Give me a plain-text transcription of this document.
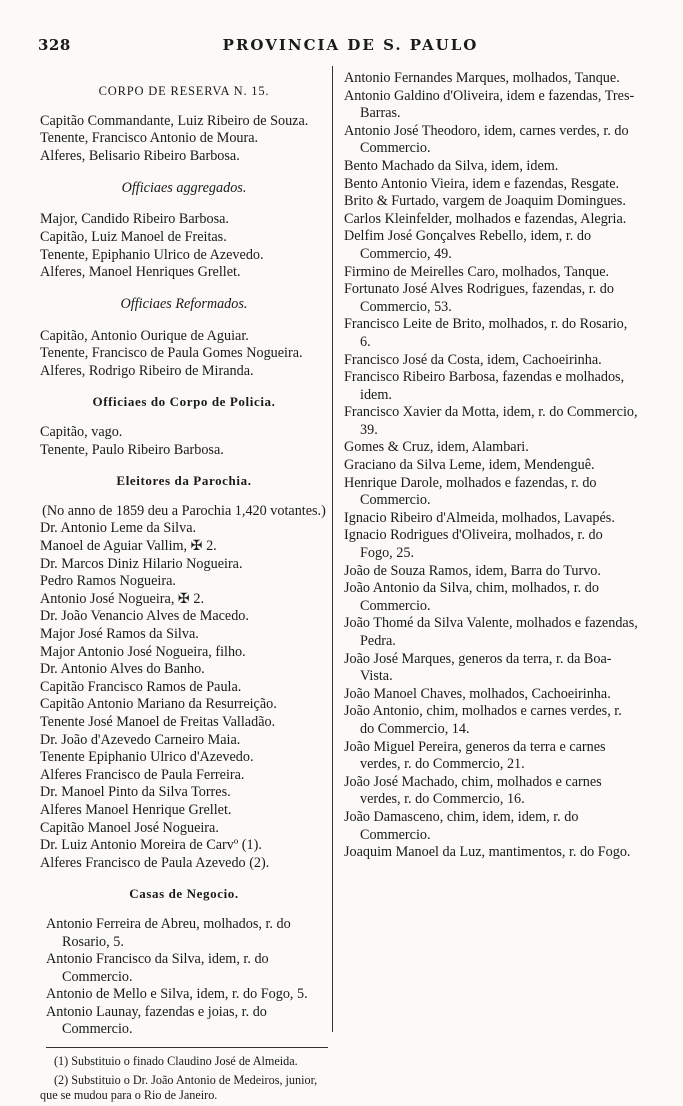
328	PROVINCIA DE S. PAULO

CORPO DE RESERVA N. 15.

Capitão Commandante, Luiz Ribeiro de Souza.

Tenente, Francisco Antonio de Moura.

Alferes, Belisario Ribeiro Barbosa.

Officiaes aggregados.

Major, Candido Ribeiro Barbosa.

Capitão, Luiz Manoel de Freitas.

Tenente, Epiphanio Ulrico de Azevedo.

Alferes, Manoel Henriques Grellet.

Officiaes Reformados.

Capitão, Antonio Ourique de Aguiar.

Tenente, Francisco de Paula Gomes Nogueira.

Alferes, Rodrigo Ribeiro de Miranda.

Officiaes do Corpo de Policia.

Capitão, vago.

Tenente, Paulo Ribeiro Barbosa.

Eleitores da Parochia.

(No anno de 1859 deu a Parochia 1,420 votantes.)

Dr. Antonio Leme da Silva.

Manoel de Aguiar Vallim, ✠ 2.

Dr. Marcos Diniz Hilario Nogueira.

Pedro Ramos Nogueira.

Antonio José Nogueira, ✠ 2.

Dr. João Venancio Alves de Macedo.

Major José Ramos da Silva.

Major Antonio José Nogueira, filho.

Dr. Antonio Alves do Banho.

Capitão Francisco Ramos de Paula.

Capitão Antonio Mariano da Resurreição.

Tenente José Manoel de Freitas Valladão.

Dr. João d'Azevedo Carneiro Maia.

Tenente Epiphanio Ulrico d'Azevedo.

Alferes Francisco de Paula Ferreira.

Dr. Manoel Pinto da Silva Torres.

Alferes Manoel Henrique Grellet.

Capitão Manoel José Nogueira.

Dr. Luiz Antonio Moreira de Carvº (1).

Alferes Francisco de Paula Azevedo (2).

Casas de Negocio.

Antonio Ferreira de Abreu, molhados, r. do Rosario, 5.

Antonio Francisco da Silva, idem, r. do Commercio.

Antonio de Mello e Silva, idem, r. do Fogo, 5.

Antonio Launay, fazendas e joias, r. do Commercio.

(1) Substituio o finado Claudino José de Almeida.

(2) Substituio o Dr. João Antonio de Medeiros, junior, que se mudou para o Rio de Janeiro.

Antonio Fernandes Marques, molhados, Tanque.

Antonio Galdino d'Oliveira, idem e fazendas, Tres-Barras.

Antonio José Theodoro, idem, carnes verdes, r. do Commercio.

Bento Machado da Silva, idem, idem.

Bento Antonio Vieira, idem e fazendas, Resgate.

Brito & Furtado, vargem de Joaquim Domingues.

Carlos Kleinfelder, molhados e fazendas, Alegria.

Delfim José Gonçalves Rebello, idem, r. do Commercio, 49.

Firmino de Meirelles Caro, molhados, Tanque.

Fortunato José Alves Rodrigues, fazendas, r. do Commercio, 53.

Francisco Leite de Brito, molhados, r. do Rosario, 6.

Francisco José da Costa, idem, Cachoeirinha.

Francisco Ribeiro Barbosa, fazendas e molhados, idem.

Francisco Xavier da Motta, idem, r. do Commercio, 39.

Gomes & Cruz, idem, Alambari.

Graciano da Silva Leme, idem, Mendenguê.

Henrique Darole, molhados e fazendas, r. do Commercio.

Ignacio Ribeiro d'Almeida, molhados, Lavapés.

Ignacio Rodrigues d'Oliveira, molhados, r. do Fogo, 25.

João de Souza Ramos, idem, Barra do Turvo.

João Antonio da Silva, chim, molhados, r. do Commercio.

João Thomé da Silva Valente, molhados e fazendas, Pedra.

João José Marques, generos da terra, r. da Boa-Vista.

João Manoel Chaves, molhados, Cachoeirinha.

João Antonio, chim, molhados e carnes verdes, r. do Commercio, 14.

João Miguel Pereira, generos da terra e carnes verdes, r. do Commercio, 21.

João José Machado, chim, molhados e carnes verdes, r. do Commercio, 16.

João Damasceno, chim, idem, idem, r. do Commercio.

Joaquim Manoel da Luz, mantimentos, r. do Fogo.
